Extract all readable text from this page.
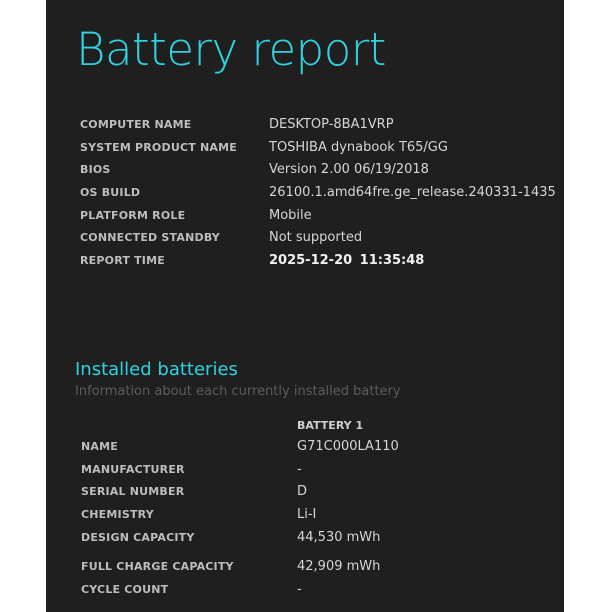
Battery report
COMPUTER NAME	DESKTOP-8BA1VRP
SYSTEM PRODUCT NAME TOSHIBA dynabook T65/GG
BIOS	Version 2.00 06/19/2018
OS BUILD	26100.1.amd64fre.ge_release.240331-1435
PLATFORM ROLE	Mobile
CONNECTED STANDBY	Not supported
REPORT TIME	2025-12-20 11:35:48
Installed batteries
Information about each currently installed battery
BATTERY 1
NAME	G71C000LA110
MANUFACTURER	-
SERIAL NUMBER	D
CHEMISTRY	Li-I
DESIGN CAPACITY	44,530 mWh
FULL CHARGE CAPACITY	42,909 mWh
CYCLE COUNT	-
